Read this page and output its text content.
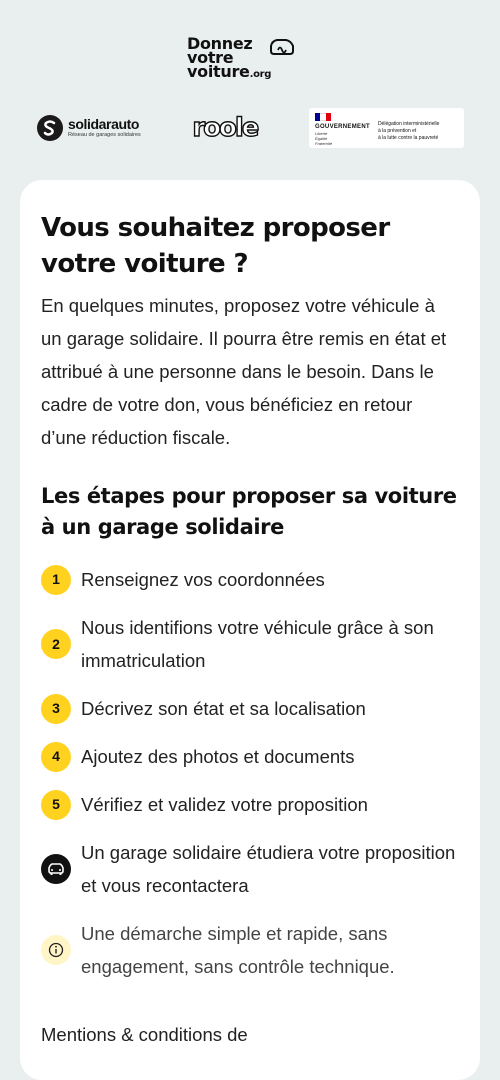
Donnez
votre
voiture.org
solidarauto
Réseau de garages solidaires roole	GOUVERNEMENT
Liberté
Égalité
Fraternité
Délégation interministérielle
à la prévention et
à la lutte contre la pauvreté
Vous souhaitez proposer votre voiture ?

En quelques minutes, proposez votre véhicule à un garage solidaire. Il pourra être remis en état et attribué à une personne dans le besoin. Dans le cadre de votre don, vous bénéficiez en retour d’une réduction fiscale.

Les étapes pour proposer sa voiture à un garage solidaire
1	Renseignez vos coordonnées
2
Nous identifions votre véhicule grâce à son immatriculation
3	Décrivez son état et sa localisation
4	Ajoutez des photos et documents
5	Vérifiez et validez votre proposition
Un garage solidaire étudiera votre proposition et vous recontactera
Une démarche simple et rapide, sans engagement, sans contrôle technique.
Mentions & conditions de
